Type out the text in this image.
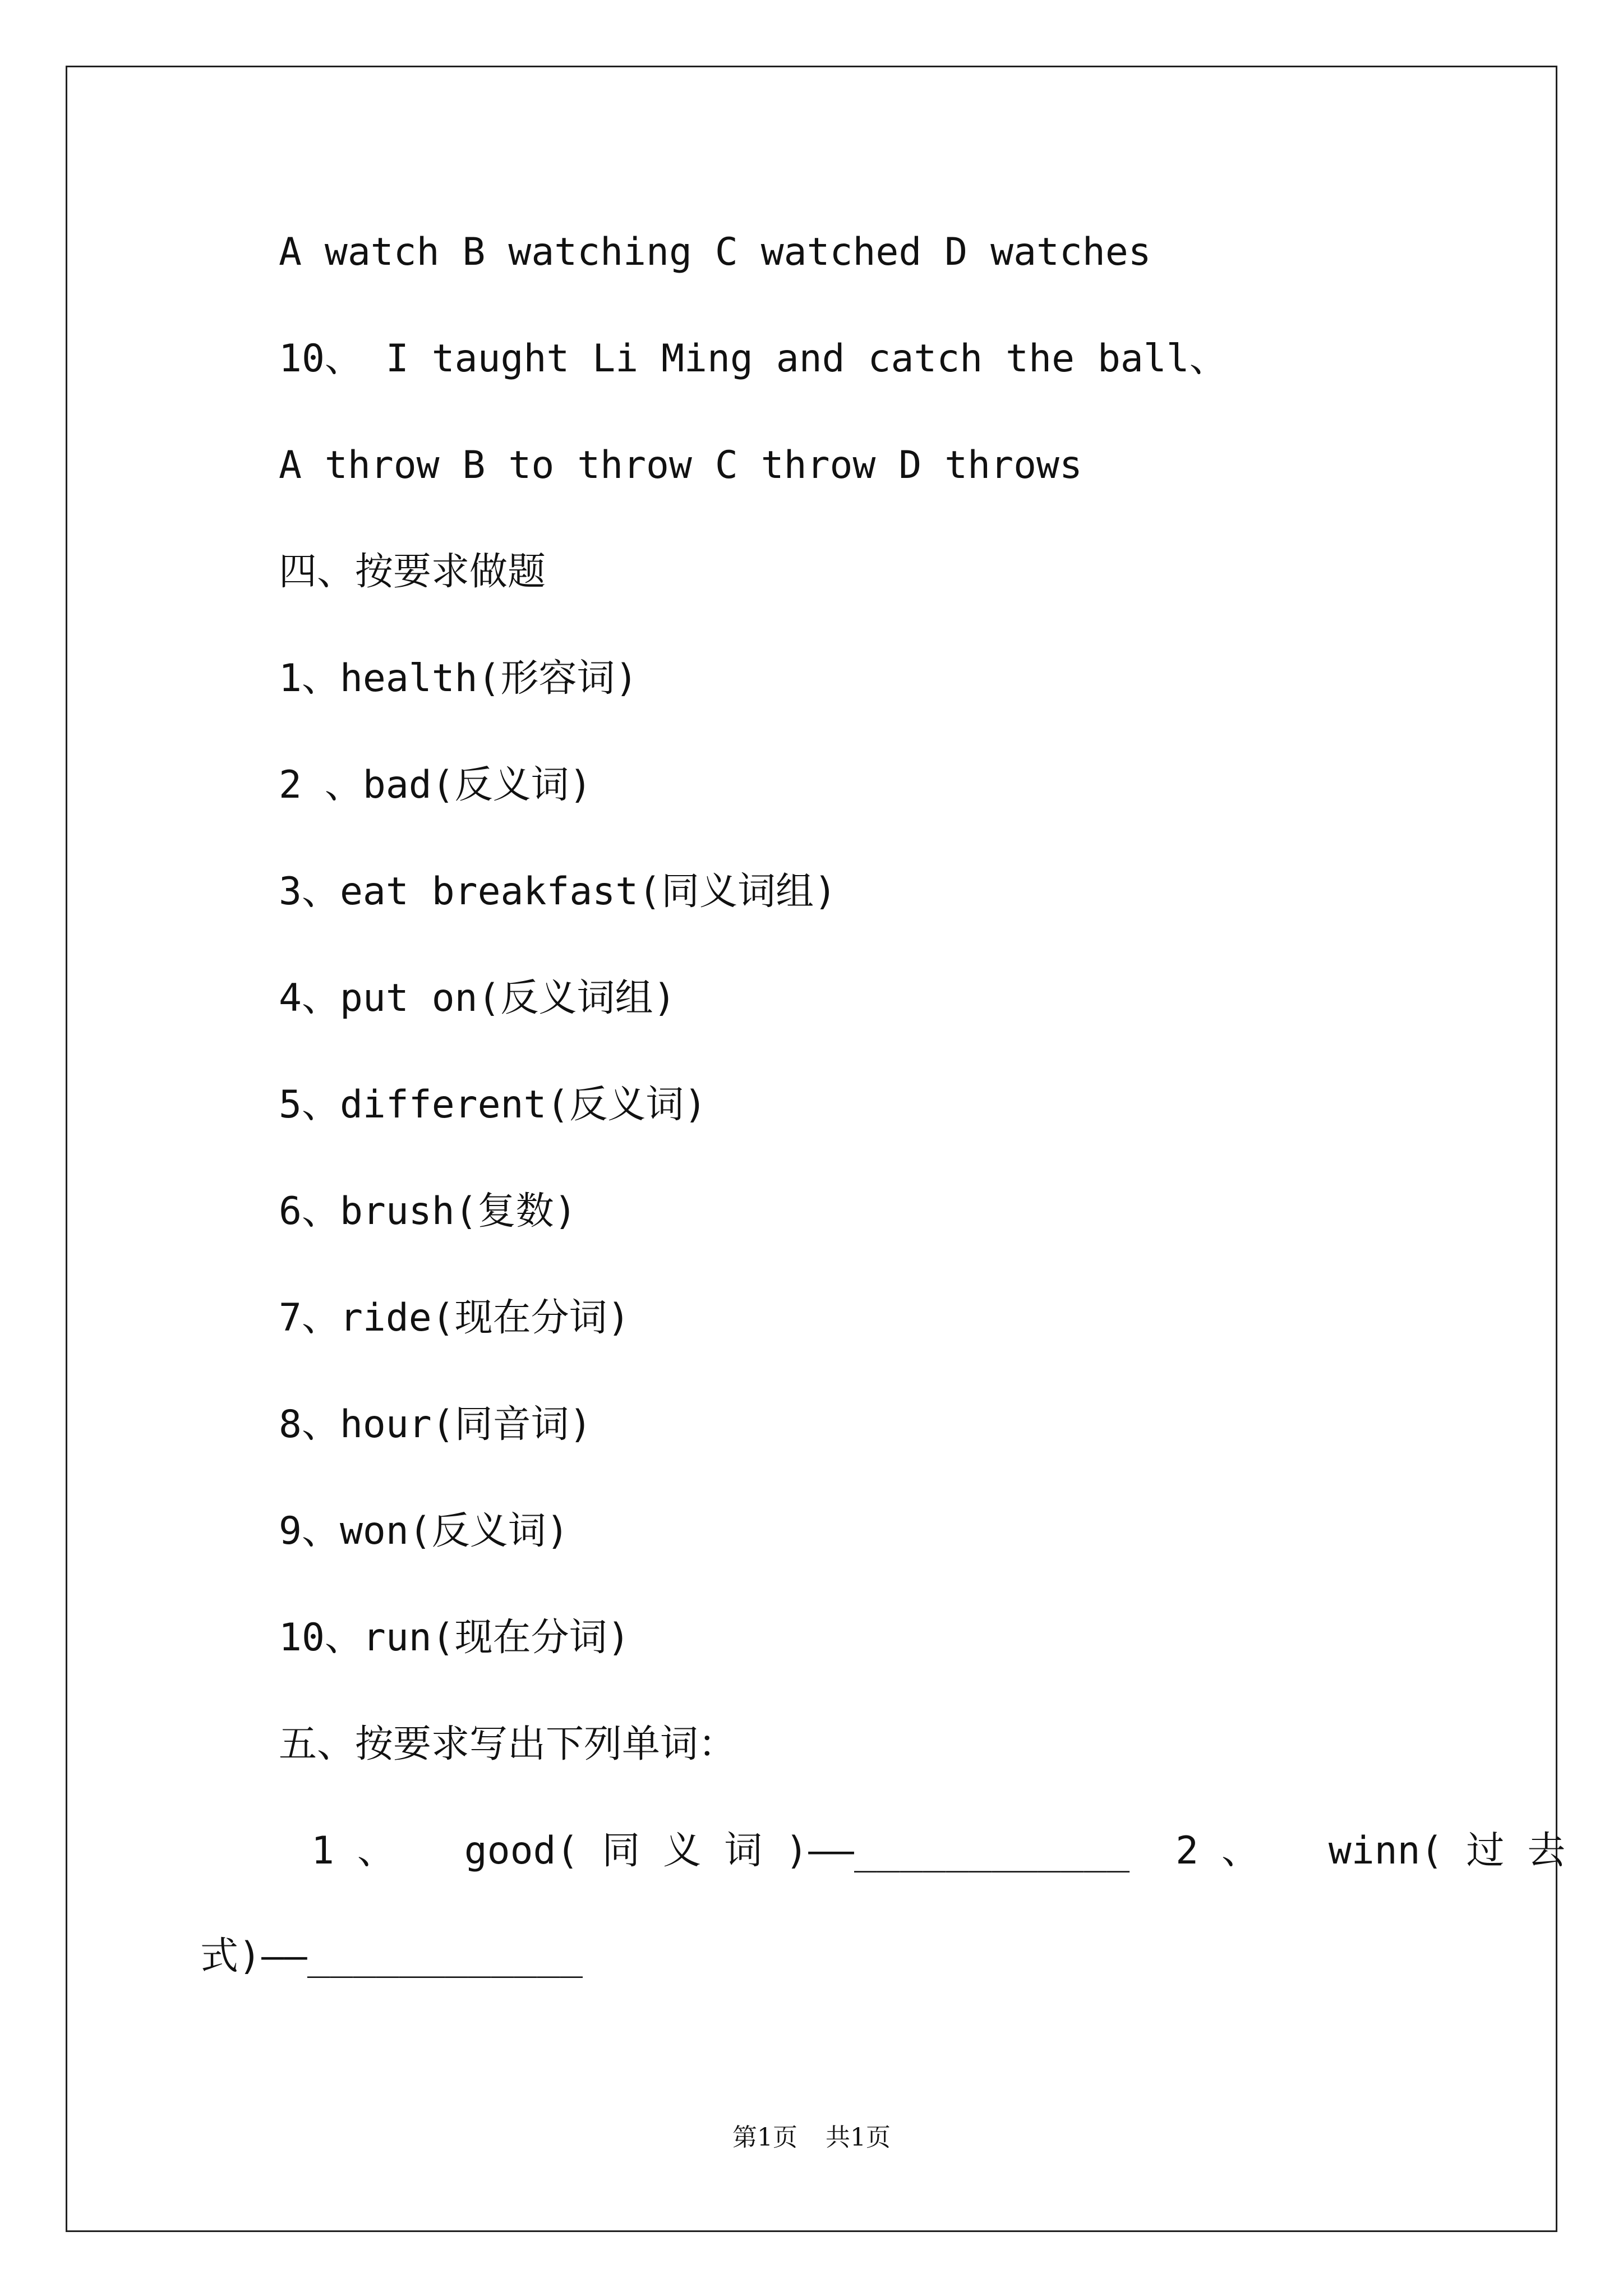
A watch B watching C watched D watches
10、 I taught Li Ming and catch the ball、
A throw B to throw C throw D throws
四、按要求做题
1、health(形容词)
2 、bad(反义词)
3、eat breakfast(同义词组)
4、put on(反义词组)
5、different(反义词)
6、brush(复数)
7、ride(现在分词)
8、hour(同音词)
9、won(反义词)
10、run(现在分词)
五、按要求写出下列单词：
1 、   good( 同 义 词 )——____________  2 、   winn( 过 去
式)——____________
第1页 共1页
